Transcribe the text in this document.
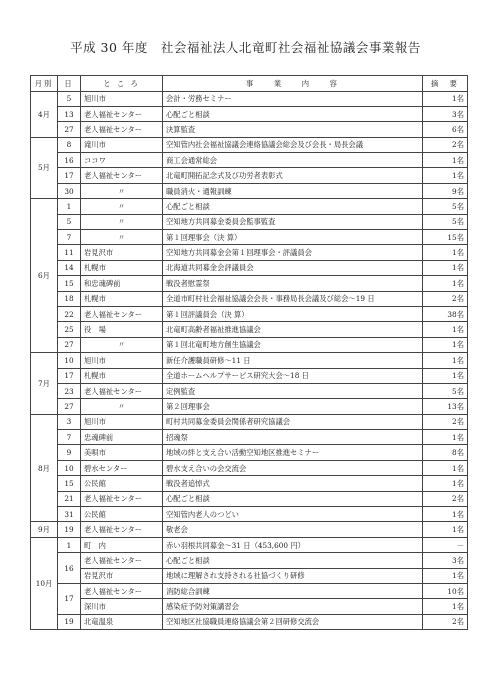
平成 30 年度　社会福祉法人北竜町社会福祉協議会事業報告
月別	日	と こ ろ	事　　業　　内　　容	摘　要
4月	5	旭川市	会計・労務セミナー	1名
	13	老人福祉センター	心配ごと相談	3名
	27	老人福祉センター	決算監査	6名
5月	8	滝川市	空知管内社会福祉協議会連絡協議会総会及び会長・局長会議	2名
	16	ココワ	商工会通常総会	1名
	17	老人福祉センター	北竜町開拓記念式及び功労者表彰式	1名
	30	〃	職員消火・通報訓練	9名
6月	1	〃	心配ごと相談	5名
	5	〃	空知地方共同募金委員会監事監査	5名
	7	〃	第１回理事会（決 算）	15名
	11	岩見沢市	空知地方共同募金会第１回理事会・評議員会	1名
	14	札幌市	北海道共同募金会評議員会	1名
	15	和忠魂碑前	戦没者慰霊祭	1名
	18	札幌市	全道市町村社会福祉協議会会長・事務局長会議及び総会～19 日	2名
	22	老人福祉センター	第１回評議員会（決 算）	38名
	25	役　場	北竜町高齢者福祉推進協議会	1名
	27	〃	第１回北竜町地方創生協議会	1名
7月	10	旭川市	新任介護職員研修～11 日	1名
	17	札幌市	全道ホームヘルプサービス研究大会～18 日	1名
	23	老人福祉センター	定例監査	5名
	27	〃	第２回理事会	13名
8月	3	旭川市	町村共同募金委員会関係者研究協議会	2名
	7	忠魂碑前	招魂祭	1名
	9	美唄市	地域の絆と支え合い活動空知地区推進セミナー	8名
	10	碧水センター	碧水支え合いの会交流会	1名
	15	公民館	戦没者追悼式	1名
	21	老人福祉センター	心配ごと相談	2名
	31	公民館	空知管内老人のつどい	1名
9月	19	老人福祉センター	敬老会	1名
10月	1	町　内	赤い羽根共同募金～31 日（453,600 円）	－
	16	老人福祉センター	心配ごと相談	3名
		岩見沢市	地域に理解され支持される社協づくり研修	1名
	17	老人福祉センター	消防総合訓練	10名
		深川市	感染症予防対策講習会	1名
	19	北竜温泉	空知地区社協職員連絡協議会第２回研修交流会	2名
